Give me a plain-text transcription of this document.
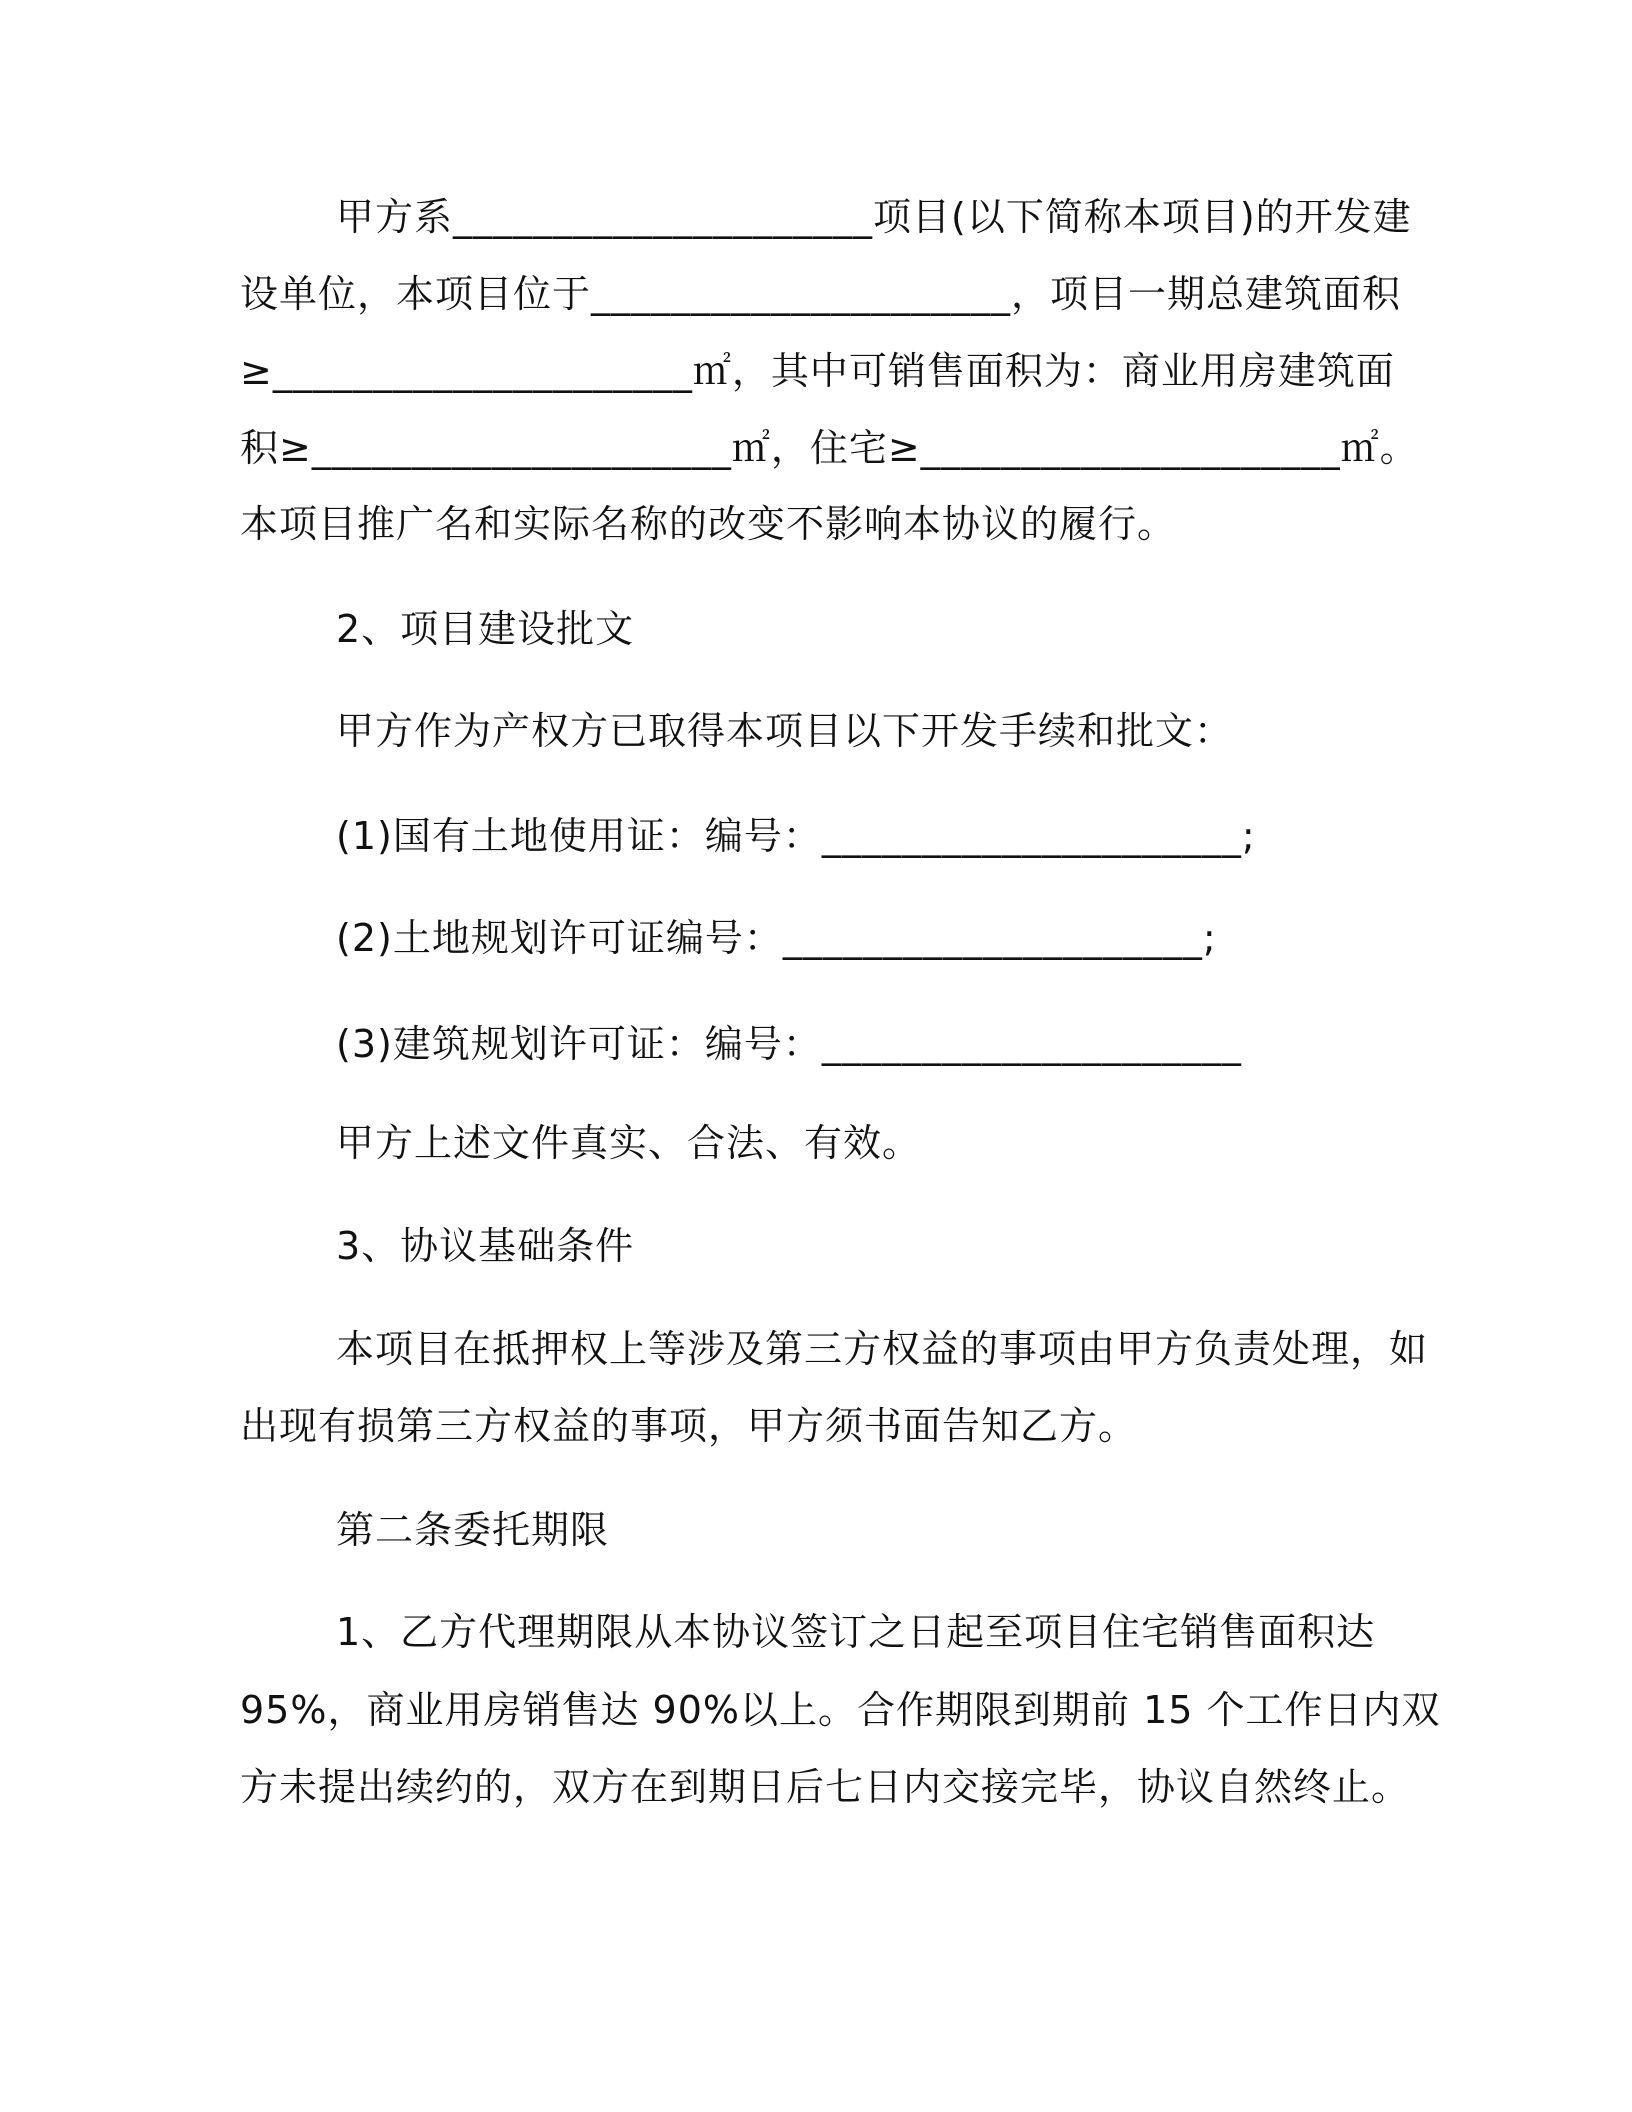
甲方系_____________________项目(以下简称本项目)的开发建
设单位，本项目位于_____________________，项目一期总建筑面积
≥_____________________㎡，其中可销售面积为：商业用房建筑面
积≥_____________________㎡，住宅≥_____________________㎡。
本项目推广名和实际名称的改变不影响本协议的履行。
2、项目建设批文
甲方作为产权方已取得本项目以下开发手续和批文：
(1)国有土地使用证：编号：_____________________;
(2)土地规划许可证编号：_____________________;
(3)建筑规划许可证：编号：_____________________
甲方上述文件真实、合法、有效。
3、协议基础条件
本项目在抵押权上等涉及第三方权益的事项由甲方负责处理，如
出现有损第三方权益的事项，甲方须书面告知乙方。
第二条委托期限
1、乙方代理期限从本协议签订之日起至项目住宅销售面积达
95%，商业用房销售达 90%以上。合作期限到期前 15 个工作日内双
方未提出续约的，双方在到期日后七日内交接完毕，协议自然终止。
